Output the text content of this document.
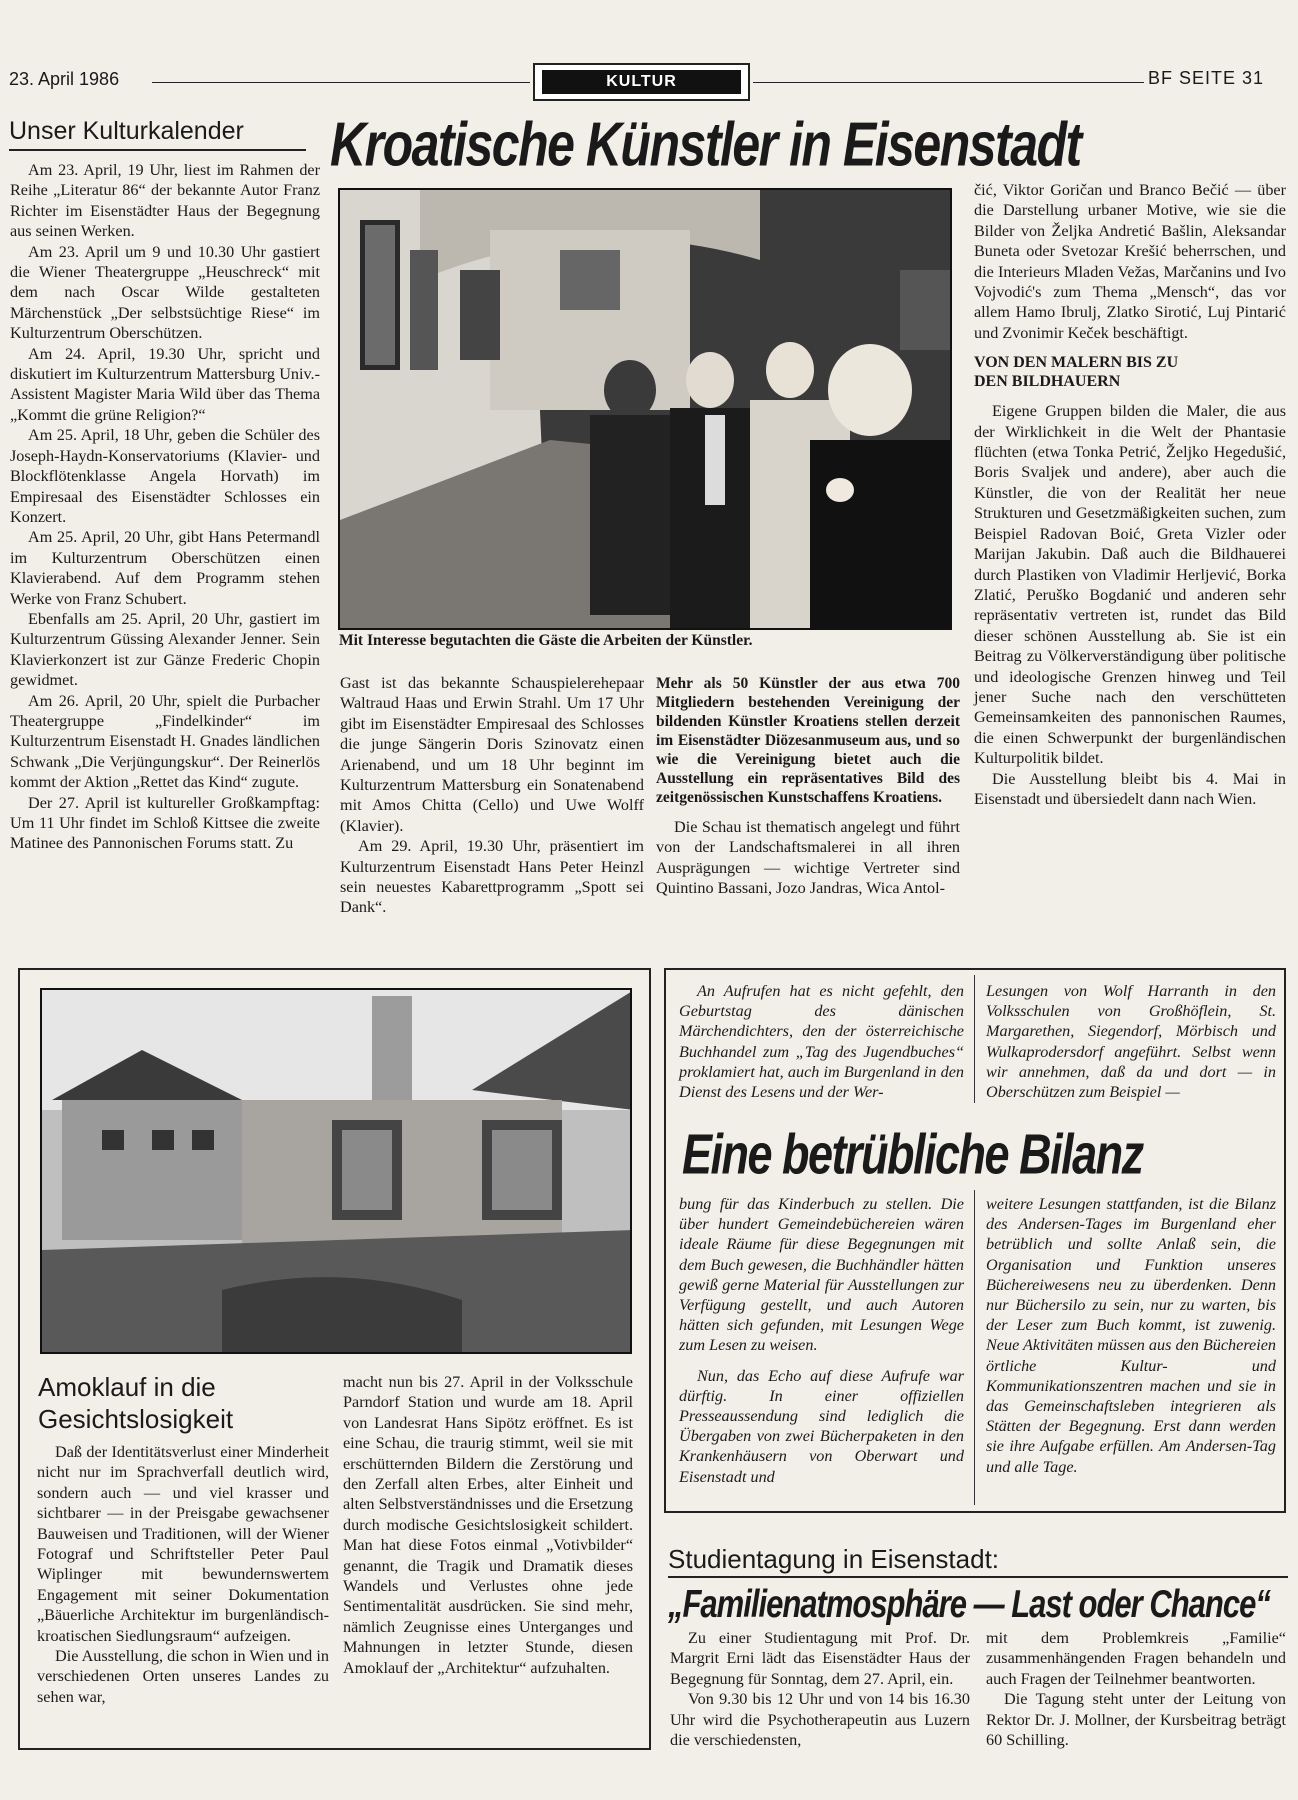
23. April 1986	KULTUR	BF SEITE 31
Unser Kulturkalender

Am 23. April, 19 Uhr, liest im Rahmen der Reihe „Literatur 86“ der bekannte Autor Franz Richter im Eisenstädter Haus der Begegnung aus seinen Werken.

Am 23. April um 9 und 10.30 Uhr gastiert die Wiener Theatergruppe „Heuschreck“ mit dem nach Oscar Wilde gestalteten Märchenstück „Der selbstsüchtige Riese“ im Kulturzentrum Oberschützen.

Am 24. April, 19.30 Uhr, spricht und diskutiert im Kulturzentrum Mattersburg Univ.-Assistent Magister Maria Wild über das Thema „Kommt die grüne Religion?“

Am 25. April, 18 Uhr, geben die Schüler des Joseph-Haydn-Konservatoriums (Klavier- und Blockflötenklasse Angela Horvath) im Empiresaal des Eisenstädter Schlosses ein Konzert.

Am 25. April, 20 Uhr, gibt Hans Petermandl im Kulturzentrum Oberschützen einen Klavierabend. Auf dem Programm stehen Werke von Franz Schubert.

Ebenfalls am 25. April, 20 Uhr, gastiert im Kulturzentrum Güssing Alexander Jenner. Sein Klavierkonzert ist zur Gänze Frederic Chopin gewidmet.

Am 26. April, 20 Uhr, spielt die Purbacher Theatergruppe „Findelkinder“ im Kulturzentrum Eisenstadt H. Gnades ländlichen Schwank „Die Verjüngungskur“. Der Reinerlös kommt der Aktion „Rettet das Kind“ zugute.

Der 27. April ist kultureller Großkampftag: Um 11 Uhr findet im Schloß Kittsee die zweite Matinee des Pannonischen Forums statt. Zu

Kroatische Künstler in Eisenstadt
Mit Interesse begutachten die Gäste die Arbeiten der Künstler.

Gast ist das bekannte Schauspielerehepaar Waltraud Haas und Erwin Strahl. Um 17 Uhr gibt im Eisenstädter Empiresaal des Schlosses die junge Sängerin Doris Szinovatz einen Arienabend, und um 18 Uhr beginnt im Kulturzentrum Mattersburg ein Sonatenabend mit Amos Chitta (Cello) und Uwe Wolff (Klavier).

Am 29. April, 19.30 Uhr, präsentiert im Kulturzentrum Eisenstadt Hans Peter Heinzl sein neuestes Kabarettprogramm „Spott sei Dank“.

Mehr als 50 Künstler der aus etwa 700 Mitgliedern bestehenden Vereinigung der bildenden Künstler Kroatiens stellen derzeit im Eisenstädter Diözesanmuseum aus, und so wie die Vereinigung bietet auch die Ausstellung ein repräsentatives Bild des zeitgenössischen Kunstschaffens Kroatiens.

Die Schau ist thematisch angelegt und führt von der Landschaftsmalerei in all ihren Ausprägungen — wichtige Vertreter sind Quintino Bassani, Jozo Jandras, Wica Antol-

čić, Viktor Goričan und Branco Bečić — über die Darstellung urbaner Motive, wie sie die Bilder von Željka Andretić Bašlin, Aleksandar Buneta oder Svetozar Krešić beherrschen, und die Interieurs Mladen Vežas, Marčanins und Ivo Vojvodić's zum Thema „Mensch“, das vor allem Hamo Ibrulj, Zlatko Sirotić, Luj Pintarić und Zvonimir Keček beschäftigt.

VON DEN MALERN BIS ZU DEN BILDHAUERN

Eigene Gruppen bilden die Maler, die aus der Wirklichkeit in die Welt der Phantasie flüchten (etwa Tonka Petrić, Željko Hegedušić, Boris Svaljek und andere), aber auch die Künstler, die von der Realität her neue Strukturen und Gesetzmäßigkeiten suchen, zum Beispiel Radovan Boić, Greta Vizler oder Marijan Jakubin. Daß auch die Bildhauerei durch Plastiken von Vladimir Herljević, Borka Zlatić, Peruško Bogdanić und anderen sehr repräsentativ vertreten ist, rundet das Bild dieser schönen Ausstellung ab. Sie ist ein Beitrag zu Völkerverständigung über politische und ideologische Grenzen hinweg und Teil jener Suche nach den verschütteten Gemeinsamkeiten des pannonischen Raumes, die einen Schwerpunkt der burgenländischen Kulturpolitik bildet.

Die Ausstellung bleibt bis 4. Mai in Eisenstadt und übersiedelt dann nach Wien.

Amoklauf in die
Gesichtslosigkeit

Daß der Identitätsverlust einer Minderheit nicht nur im Sprachverfall deutlich wird, sondern auch — und viel krasser und sichtbarer — in der Preisgabe gewachsener Bauweisen und Traditionen, will der Wiener Fotograf und Schriftsteller Peter Paul Wiplinger mit bewundernswertem Engagement mit seiner Dokumentation „Bäuerliche Architektur im burgenländisch-kroatischen Siedlungsraum“ aufzeigen.

Die Ausstellung, die schon in Wien und in verschiedenen Orten unseres Landes zu sehen war,

macht nun bis 27. April in der Volksschule Parndorf Station und wurde am 18. April von Landesrat Hans Sipötz eröffnet. Es ist eine Schau, die traurig stimmt, weil sie mit erschütternden Bildern die Zerstörung und den Zerfall alten Erbes, alter Einheit und alten Selbstverständnisses und die Ersetzung durch modische Gesichtslosigkeit schildert. Man hat diese Fotos einmal „Votivbilder“ genannt, die Tragik und Dramatik dieses Wandels und Verlustes ohne jede Sentimentalität ausdrücken. Sie sind mehr, nämlich Zeugnisse eines Unterganges und Mahnungen in letzter Stunde, diesen Amoklauf der „Architektur“ aufzuhalten.

An Aufrufen hat es nicht gefehlt, den Geburtstag des dänischen Märchendichters, den der österreichische Buchhandel zum „Tag des Jugendbuches“ proklamiert hat, auch im Burgenland in den Dienst des Lesens und der Wer-

Lesungen von Wolf Harranth in den Volksschulen von Großhöflein, St. Margarethen, Siegendorf, Mörbisch und Wulkaprodersdorf angeführt. Selbst wenn wir annehmen, daß da und dort — in Oberschützen zum Beispiel —

Eine betrübliche Bilanz

bung für das Kinderbuch zu stellen. Die über hundert Gemeindebüchereien wären ideale Räume für diese Begegnungen mit dem Buch gewesen, die Buchhändler hätten gewiß gerne Material für Ausstellungen zur Verfügung gestellt, und auch Autoren hätten sich gefunden, mit Lesungen Wege zum Lesen zu weisen.

Nun, das Echo auf diese Aufrufe war dürftig. In einer offiziellen Presseaussendung sind lediglich die Übergaben von zwei Bücherpaketen in den Krankenhäusern von Oberwart und Eisenstadt und

weitere Lesungen stattfanden, ist die Bilanz des Andersen-Tages im Burgenland eher betrüblich und sollte Anlaß sein, die Organisation und Funktion unseres Büchereiwesens neu zu überdenken. Denn nur Büchersilo zu sein, nur zu warten, bis der Leser zum Buch kommt, ist zuwenig. Neue Aktivitäten müssen aus den Büchereien örtliche Kultur- und Kommunikationszentren machen und sie in das Gemeinschaftsleben integrieren als Stätten der Begegnung. Erst dann werden sie ihre Aufgabe erfüllen. Am Andersen-Tag und alle Tage.

Studientagung in Eisenstadt:
„Familienatmosphäre — Last oder Chance“

Zu einer Studientagung mit Prof. Dr. Margrit Erni lädt das Eisenstädter Haus der Begegnung für Sonntag, dem 27. April, ein.

Von 9.30 bis 12 Uhr und von 14 bis 16.30 Uhr wird die Psychotherapeutin aus Luzern die verschiedensten,

mit dem Problemkreis „Familie“ zusammenhängenden Fragen behandeln und auch Fragen der Teilnehmer beantworten.

Die Tagung steht unter der Leitung von Rektor Dr. J. Mollner, der Kursbeitrag beträgt 60 Schilling.
